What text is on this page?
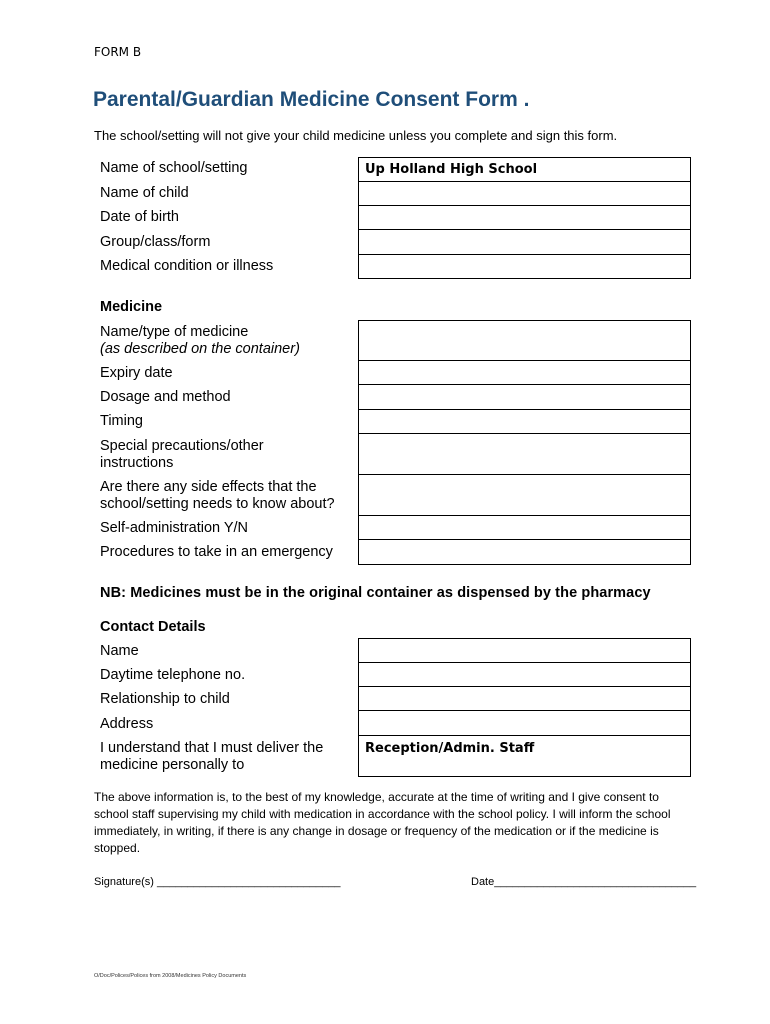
FORM B
Parental/Guardian Medicine Consent Form .
The school/setting will not give your child medicine unless you complete and sign this form.
Name of school/setting
Name of child
Date of birth
Group/class/form
Medical condition or illness
Up Holland High School
Medicine
Name/type of medicine
(as described on the container)
Expiry date
Dosage and method
Timing
Special precautions/other
instructions
Are there any side effects that the
school/setting needs to know about?
Self-administration Y/N
Procedures to take in an emergency
NB: Medicines must be in the original container as dispensed by the pharmacy
Contact Details
Name
Daytime telephone no.
Relationship to child
Address
I understand that I must deliver the
medicine personally to
Reception/Admin. Staff
The above information is, to the best of my knowledge, accurate at the time of writing and I give consent to school staff supervising my child with medication in accordance with the school policy. I will inform the school immediately, in writing, if there is any change in dosage or frequency of the medication or if the medicine is stopped.
Signature(s) ______________________________	Date_________________________________
O/Doc/Polices/Polices from 2008/Medicines Policy Documents
